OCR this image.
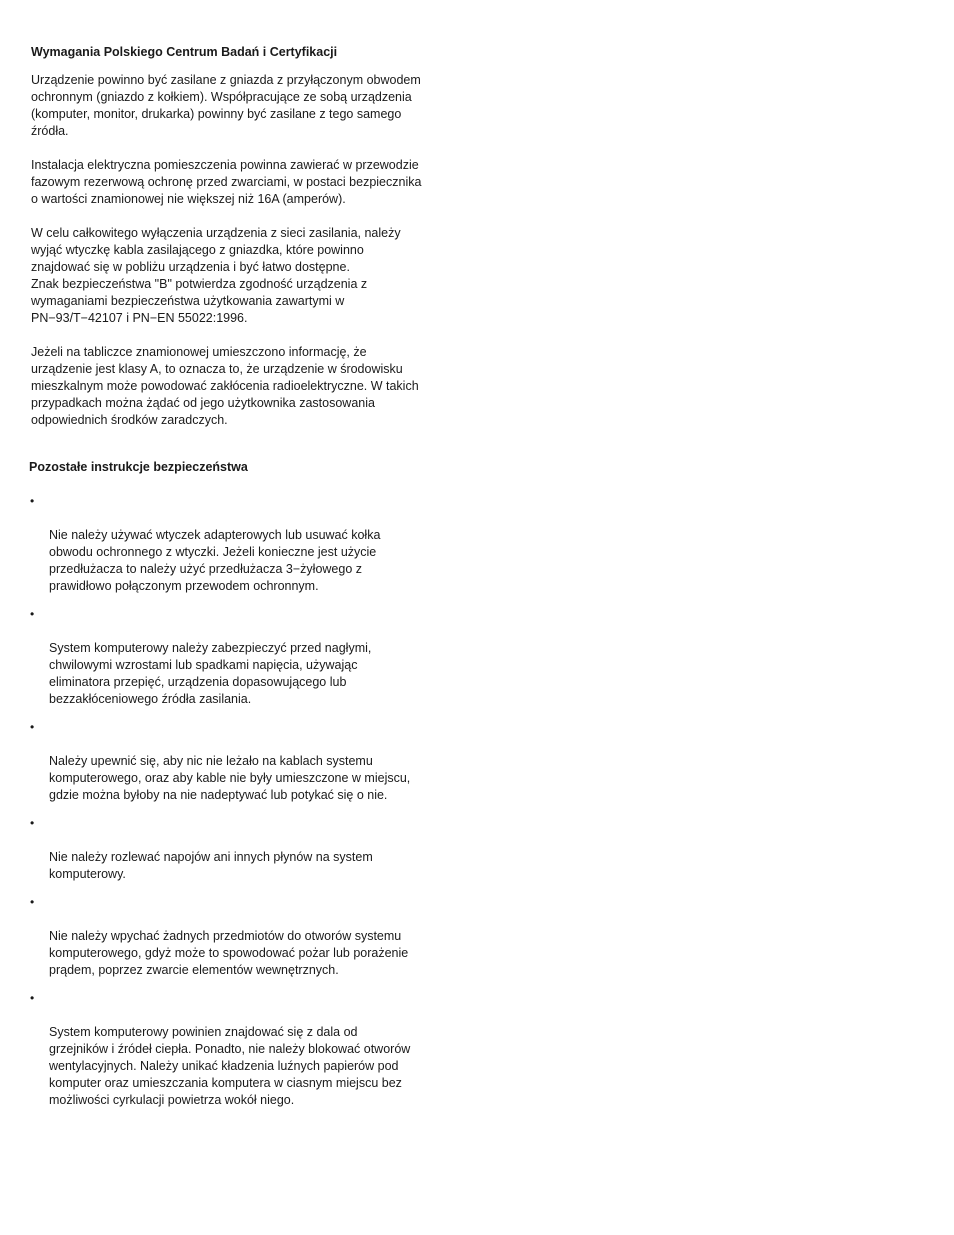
Wymagania Polskiego Centrum Badań i Certyfikacji

Urządzenie powinno być zasilane z gniazda z przyłączonym obwodem
ochronnym (gniazdo z kołkiem). Współpracujące ze sobą urządzenia
(komputer, monitor, drukarka) powinny być zasilane z tego samego
źródła.

Instalacja elektryczna pomieszczenia powinna zawierać w przewodzie
fazowym rezerwową ochronę przed zwarciami, w postaci bezpiecznika
o wartości znamionowej nie większej niż 16A (amperów).

W celu całkowitego wyłączenia urządzenia z sieci zasilania, należy
wyjąć wtyczkę kabla zasilającego z gniazdka, które powinno
znajdować się w pobliżu urządzenia i być łatwo dostępne.
Znak bezpieczeństwa "B" potwierdza zgodność urządzenia z
wymaganiami bezpieczeństwa użytkowania zawartymi w
PN−93/T−42107 i PN−EN 55022:1996.

Jeżeli na tabliczce znamionowej umieszczono informację, że
urządzenie jest klasy A, to oznacza to, że urządzenie w środowisku
mieszkalnym może powodować zakłócenia radioelektryczne. W takich
przypadkach można żądać od jego użytkownika zastosowania
odpowiednich środków zaradczych.

Pozostałe instrukcje bezpieczeństwa

•

Nie należy używać wtyczek adapterowych lub usuwać kołka
obwodu ochronnego z wtyczki. Jeżeli konieczne jest użycie
przedłużacza to należy użyć przedłużacza 3−żyłowego z
prawidłowo połączonym przewodem ochronnym.

•

System komputerowy należy zabezpieczyć przed nagłymi,
chwilowymi wzrostami lub spadkami napięcia, używając
eliminatora przepięć, urządzenia dopasowującego lub
bezzakłóceniowego źródła zasilania.

•

Należy upewnić się, aby nic nie leżało na kablach systemu
komputerowego, oraz aby kable nie były umieszczone w miejscu,
gdzie można byłoby na nie nadeptywać lub potykać się o nie.

•

Nie należy rozlewać napojów ani innych płynów na system
komputerowy.

•

Nie należy wpychać żadnych przedmiotów do otworów systemu
komputerowego, gdyż może to spowodować pożar lub porażenie
prądem, poprzez zwarcie elementów wewnętrznych.

•

System komputerowy powinien znajdować się z dala od
grzejników i źródeł ciepła. Ponadto, nie należy blokować otworów
wentylacyjnych. Należy unikać kładzenia luźnych papierów pod
komputer oraz umieszczania komputera w ciasnym miejscu bez
możliwości cyrkulacji powietrza wokół niego.
